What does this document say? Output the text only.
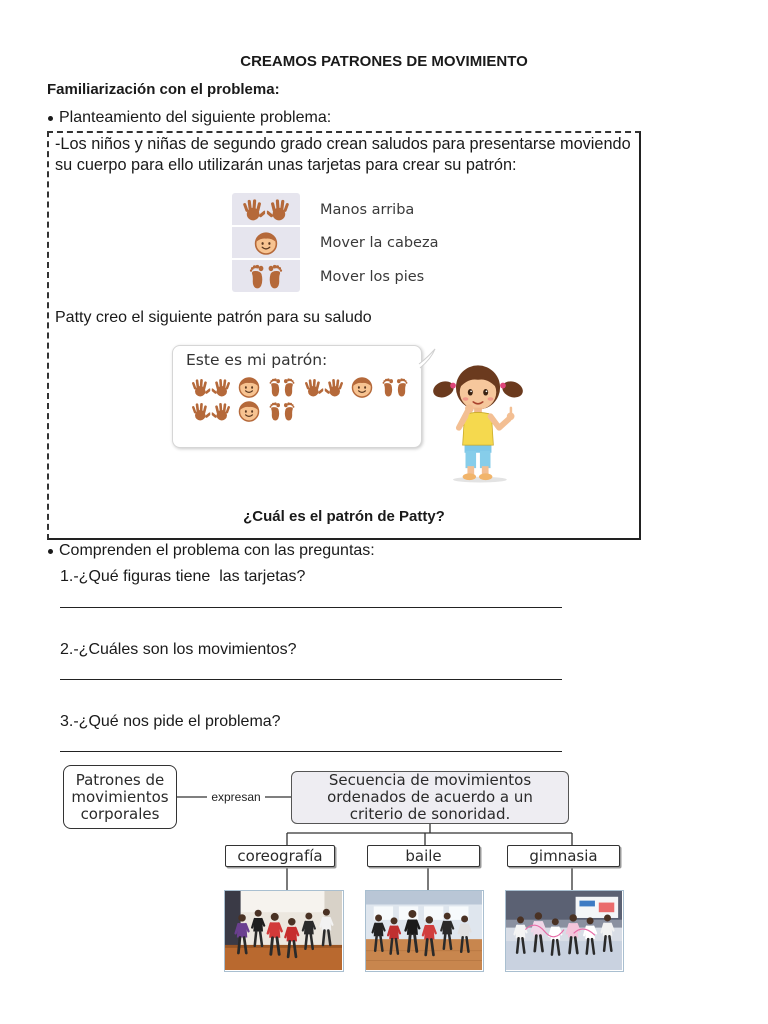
CREAMOS PATRONES DE MOVIMIENTO
Familiarización con el problema:
Planteamiento del siguiente problema:
-Los niños y niñas de segundo grado crean saludos para presentarse moviendo
su cuerpo para ello utilizarán unas tarjetas para crear su patrón:
Manos arriba
Mover la cabeza
Mover los pies
Patty creo el siguiente patrón para su saludo
Este es mi patrón:
¿Cuál es el patrón de Patty?
Comprenden el problema con las preguntas:
1.-¿Qué figuras tiene  las tarjetas?
2.-¿Cuáles son los movimientos?
3.-¿Qué nos pide el problema?
Patrones de
movimientos
corporales
expresan
Secuencia de movimientos
ordenados de acuerdo a un
criterio de sonoridad.
coreografía	baile	gimnasia
